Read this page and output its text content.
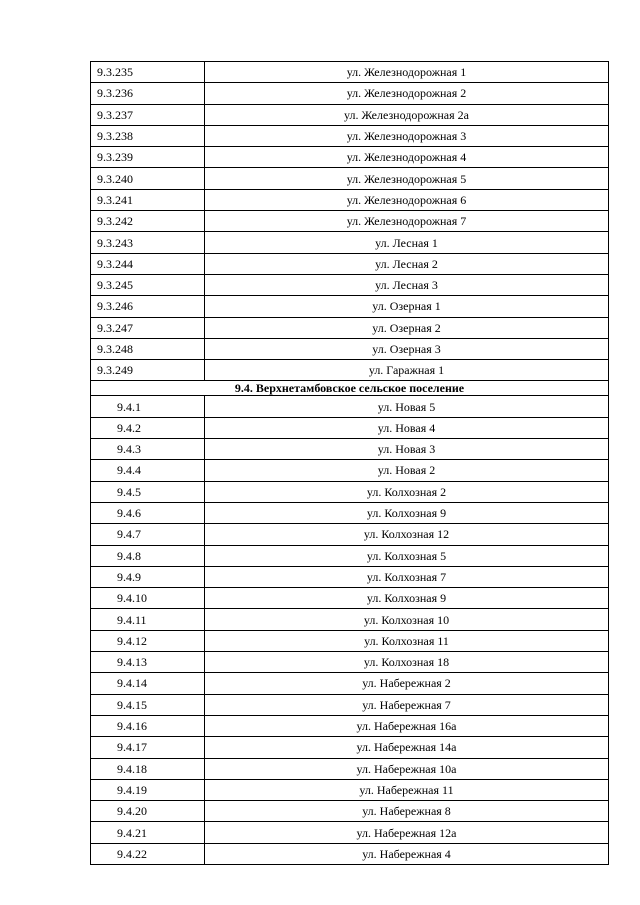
9.3.235	ул. Железнодорожная 1
9.3.236	ул. Железнодорожная 2
9.3.237	ул. Железнодорожная 2а
9.3.238	ул. Железнодорожная 3
9.3.239	ул. Железнодорожная 4
9.3.240	ул. Железнодорожная 5
9.3.241	ул. Железнодорожная 6
9.3.242	ул. Железнодорожная 7
9.3.243	ул. Лесная 1
9.3.244	ул. Лесная 2
9.3.245	ул. Лесная 3
9.3.246	ул. Озерная 1
9.3.247	ул. Озерная 2
9.3.248	ул. Озерная 3
9.3.249	ул. Гаражная 1
9.4. Верхнетамбовское сельское поселение	
9.4.1	ул. Новая 5
9.4.2	ул. Новая 4
9.4.3	ул. Новая 3
9.4.4	ул. Новая 2
9.4.5	ул. Колхозная 2
9.4.6	ул. Колхозная 9
9.4.7	ул. Колхозная 12
9.4.8	ул. Колхозная 5
9.4.9	ул. Колхозная 7
9.4.10	ул. Колхозная 9
9.4.11	ул. Колхозная 10
9.4.12	ул. Колхозная 11
9.4.13	ул. Колхозная 18
9.4.14	ул. Набережная 2
9.4.15	ул. Набережная 7
9.4.16	ул. Набережная 16а
9.4.17	ул. Набережная 14а
9.4.18	ул. Набережная 10а
9.4.19	ул. Набережная 11
9.4.20	ул. Набережная 8
9.4.21	ул. Набережная 12а
9.4.22	ул. Набережная 4
